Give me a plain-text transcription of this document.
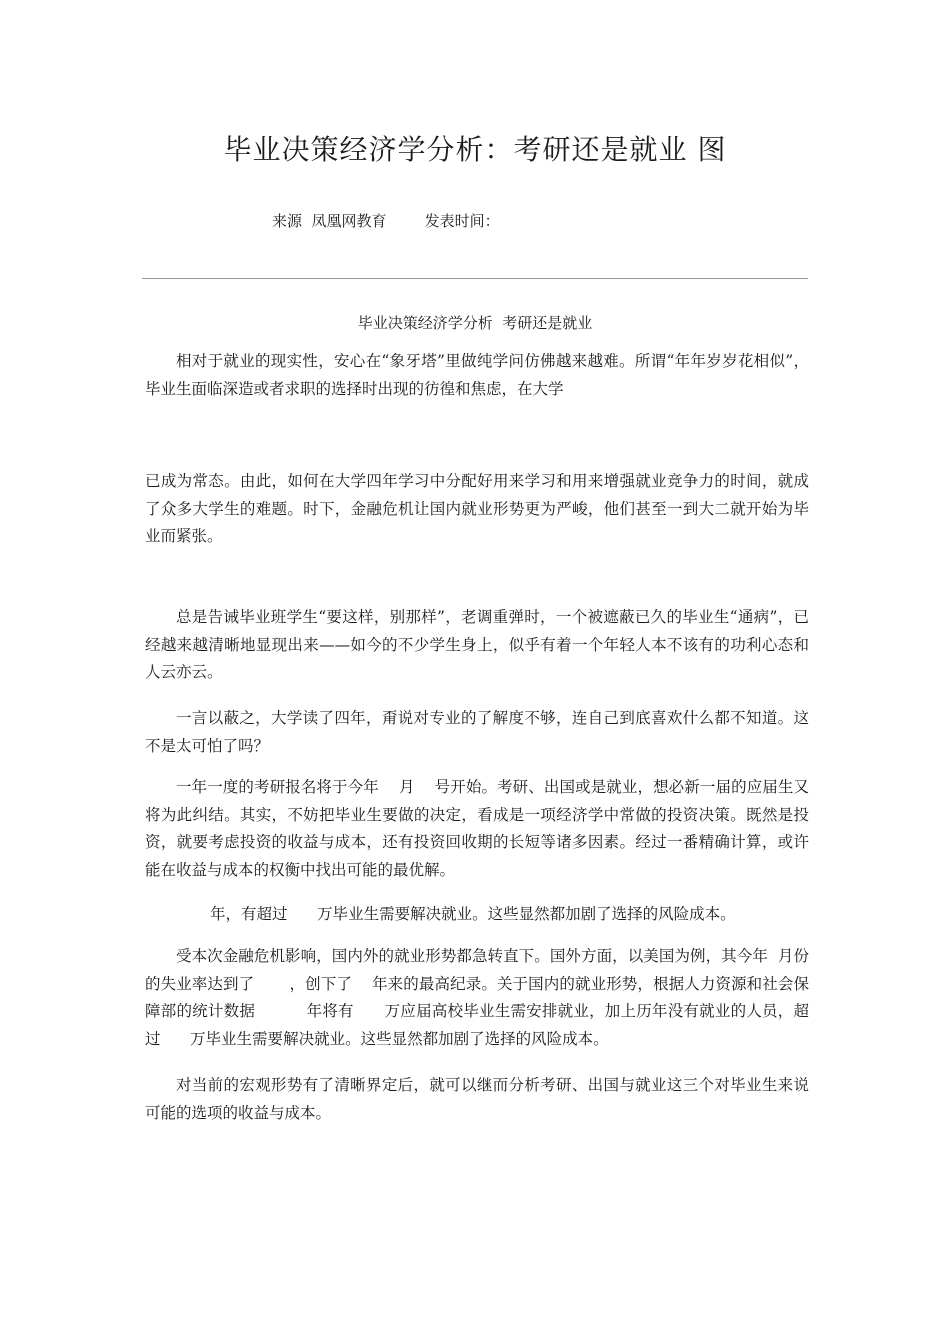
毕业决策经济学分析：考研还是就业 图
来源  凤凰网教育        发表时间：
毕业决策经济学分析  考研还是就业

相对于就业的现实性，安心在“象牙塔”里做纯学问仿佛越来越难。所谓“年年岁岁花相似”，毕业生面临深造或者求职的选择时出现的彷徨和焦虑，在大学

已成为常态。由此，如何在大学四年学习中分配好用来学习和用来增强就业竞争力的时间，就成了众多大学生的难题。时下，金融危机让国内就业形势更为严峻，他们甚至一到大二就开始为毕业而紧张。

总是告诫毕业班学生“要这样，别那样”，老调重弹时，一个被遮蔽已久的毕业生“通病”，已经越来越清晰地显现出来——如今的不少学生身上，似乎有着一个年轻人本不该有的功利心态和人云亦云。

一言以蔽之，大学读了四年，甭说对专业的了解度不够，连自己到底喜欢什么都不知道。这不是太可怕了吗？

一年一度的考研报名将于今年    月    号开始。考研、出国或是就业，想必新一届的应届生又将为此纠结。其实，不妨把毕业生要做的决定，看成是一项经济学中常做的投资决策。既然是投资，就要考虑投资的收益与成本，还有投资回收期的长短等诸多因素。经过一番精确计算，或许能在收益与成本的权衡中找出可能的最优解。

年，有超过      万毕业生需要解决就业。这些显然都加剧了选择的风险成本。

受本次金融危机影响，国内外的就业形势都急转直下。国外方面，以美国为例，其今年  月份的失业率达到了       ，创下了    年来的最高纪录。关于国内的就业形势，根据人力资源和社会保障部的统计数据          年将有      万应届高校毕业生需安排就业，加上历年没有就业的人员，超过      万毕业生需要解决就业。这些显然都加剧了选择的风险成本。

对当前的宏观形势有了清晰界定后，就可以继而分析考研、出国与就业这三个对毕业生来说可能的选项的收益与成本。
